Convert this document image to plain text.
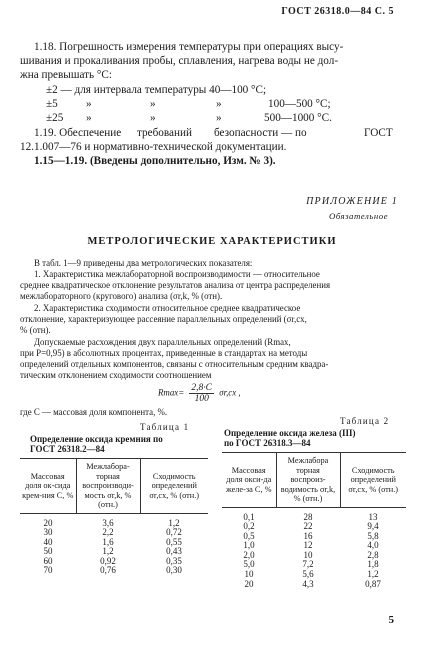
ГОСТ 26318.0—84 С. 5
1.18. Погрешность измерения температуры при операциях высу-
шивания и прокаливания пробы, сплавления, нагрева воды не дол-
жна превышать °С:
±2 — для интервала температуры 40—100 °С;
±5	»	»	»	100—500 °С;
±25 »	»	»	500—1000 °С.
1.19. Обеспечение требований безопасности — по	ГОСТ
12.1.007—76 и нормативно-технической документации.
1.15—1.19. (Введены дополнительно, Изм. № 3).
ПРИЛОЖЕНИЕ 1
Обязательное
МЕТРОЛОГИЧЕСКИЕ ХАРАКТЕРИСТИКИ
В табл. 1—9 приведены два метрологических показателя:
1. Характеристика межлабораторной воспроизводимости — относительное
среднее квадратическое отклонение результатов анализа от центра распределения
межлабораторного (кругового) анализа (σr,k, % (отн).
2. Характеристика сходимости относительное среднее квадратическое
отклонение, характеризующее рассеяние параллельных определений (σr,cx,
% (отн).
Допускаемые расхождения двух параллельных определений (Rmax,
при P=0,95) в абсолютных процентах, приведенные в стандартах на методы
определений отдельных компонентов, связаны с относительным средним квадра-
тическим отклонением сходимости соотношением
$Rmax= \frac{2,8\cdot C}{100} \sigma r,cx$ ,
где C — массовая доля компонента, %.
Таблица 1
Определение оксида кремния по
ГОСТ 26318.2—84
Массовая доля ок-сида крем-ния C, %	Межлабора-торная воспроизводи-мость σr,k, % (отн.)	Сходимость определений σr,cx, % (отн.)
20	3,6	1,2
30	2,2	0,72
40	1,6	0,55
50	1,2	0,43
60	0,92	0,35
70	0,76	0,30
Таблица 2
Определение оксида железа (III)
по ГОСТ 26318.3—84
Массовая доля окси-да желе-за C, %	Межлабора торная воспроиз-водимость σr,k, % (отн.)	Сходимость определений σr,cx, % (отн.)
0,1	28	13
0,2	22	9,4
0,5	16	5,8
1,0	12	4,0
2,0	10	2,8
5,0	7,2	1,8
10	5,6	1,2
20	4,3	0,87
5
